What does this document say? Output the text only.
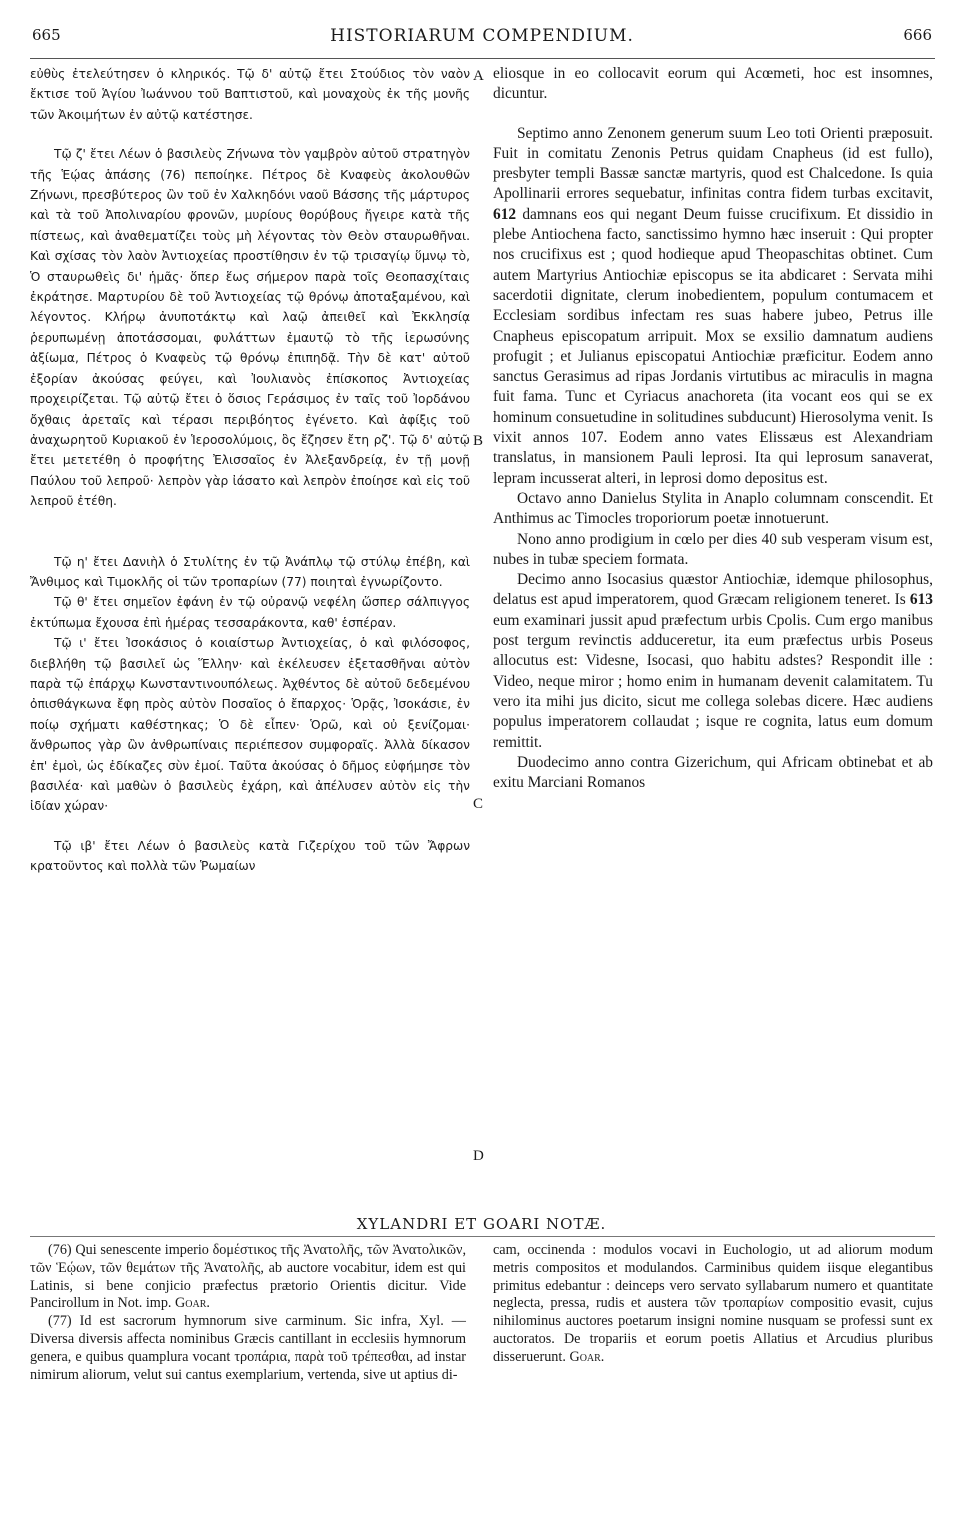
665	HISTORIARUM COMPENDIUM.	666

εὐθὺς ἐτελεύτησεν ὁ κληρικός. Τῷ δ' αὐτῷ ἔτει Στούδιος τὸν ναὸν ἔκτισε τοῦ Ἁγίου Ἰωάννου τοῦ Βαπτιστοῦ, καὶ μοναχοὺς ἐκ τῆς μονῆς τῶν Ἀκοιμήτων ἐν αὐτῷ κατέστησε.

Τῷ ζ' ἔτει Λέων ὁ βασιλεὺς Ζήνωνα τὸν γαμβρὸν αὐτοῦ στρατηγὸν τῆς Ἑῴας ἁπάσης (76) πεποίηκε. Πέτρος δὲ Κναφεὺς ἀκολουθῶν Ζήνωνι, πρεσβύτερος ὢν τοῦ ἐν Χαλκηδόνι ναοῦ Βάσσης τῆς μάρτυρος καὶ τὰ τοῦ Ἀπολιναρίου φρονῶν, μυρίους θορύβους ἤγειρε κατὰ τῆς πίστεως, καὶ ἀναθεματίζει τοὺς μὴ λέγοντας τὸν Θεὸν σταυρωθῆναι. Καὶ σχίσας τὸν λαὸν Ἀντιοχείας προστίθησιν ἐν τῷ τρισαγίῳ ὕμνῳ τὸ, Ὁ σταυρωθεὶς δι' ἡμᾶς· ὅπερ ἕως σήμερον παρὰ τοῖς Θεοπασχίταις ἐκράτησε. Μαρτυρίου δὲ τοῦ Ἀντιοχείας τῷ θρόνῳ ἀποταξαμένου, καὶ λέγοντος. Κλήρῳ ἀνυποτάκτῳ καὶ λαῷ ἀπειθεῖ καὶ Ἐκκλησίᾳ ῥερυπωμένῃ ἀποτάσσομαι, φυλάττων ἐμαυτῷ τὸ τῆς ἱερωσύνης ἀξίωμα, Πέτρος ὁ Κναφεὺς τῷ θρόνῳ ἐπιπηδᾷ. Τὴν δὲ κατ' αὐτοῦ ἐξορίαν ἀκούσας φεύγει, καὶ Ἰουλιανὸς ἐπίσκοπος Ἀντιοχείας προχειρίζεται. Τῷ αὐτῷ ἔτει ὁ ὅσιος Γεράσιμος ἐν ταῖς τοῦ Ἰορδάνου ὄχθαις ἀρεταῖς καὶ τέρασι περιβόητος ἐγένετο. Καὶ ἀφίξις τοῦ ἀναχωρητοῦ Κυριακοῦ ἐν Ἱεροσολύμοις, ὃς ἔζησεν ἔτη ρζ'. Τῷ δ' αὐτῷ ἔτει μετετέθη ὁ προφήτης Ἐλισσαῖος ἐν Ἀλεξανδρείᾳ, ἐν τῇ μονῇ Παύλου τοῦ λεπροῦ· λεπρὸν γὰρ ἰάσατο καὶ λεπρὸν ἐποίησε καὶ εἰς τοῦ λεπροῦ ἐτέθη.

Τῷ η' ἔτει Δανιὴλ ὁ Στυλίτης ἐν τῷ Ἀνάπλῳ τῷ στύλῳ ἐπέβη, καὶ Ἄνθιμος καὶ Τιμοκλῆς οἱ τῶν τροπαρίων (77) ποιηταὶ ἐγνωρίζοντο.

Τῷ θ' ἔτει σημεῖον ἐφάνη ἐν τῷ οὐρανῷ νεφέλη ὥσπερ σάλπιγγος ἐκτύπωμα ἔχουσα ἐπὶ ἡμέρας τεσσαράκοντα, καθ' ἑσπέραν.

Τῷ ι' ἔτει Ἰσοκάσιος ὁ κοιαίστωρ Ἀντιοχείας, ὁ καὶ φιλόσοφος, διεβλήθη τῷ βασιλεῖ ὡς Ἕλλην· καὶ ἐκέλευσεν ἐξετασθῆναι αὐτὸν παρὰ τῷ ἐπάρχῳ Κωνσταντινουπόλεως. Ἀχθέντος δὲ αὐτοῦ δεδεμένου ὀπισθάγκωνα ἔφη πρὸς αὐτὸν Ποσαῖος ὁ ἔπαρχος· Ὁρᾷς, Ἰσοκάσιε, ἐν ποίῳ σχήματι καθέστηκας; Ὁ δὲ εἶπεν· Ὁρῶ, καὶ οὐ ξενίζομαι· ἄνθρωπος γὰρ ὢν ἀνθρωπίναις περιέπεσον συμφοραῖς. Ἀλλὰ δίκασον ἐπ' ἐμοὶ, ὡς ἐδίκαζες σὺν ἐμοί. Ταῦτα ἀκούσας ὁ δῆμος εὐφήμησε τὸν βασιλέα· καὶ μαθὼν ὁ βασιλεὺς ἐχάρη, καὶ ἀπέλυσεν αὐτὸν εἰς τὴν ἰδίαν χώραν·

Τῷ ιβ' ἔτει Λέων ὁ βασιλεὺς κατὰ Γιζερίχου τοῦ τῶν Ἄφρων κρατοῦντος καὶ πολλὰ τῶν Ῥωμαίων

A
B
C
D

eliosque in eo collocavit eorum qui Acœmeti, hoc est insomnes, dicuntur.

Septimo anno Zenonem generum suum Leo toti Orienti præposuit. Fuit in comitatu Zenonis Petrus quidam Cnapheus (id est fullo), presbyter templi Bassæ sanctæ martyris, quod est Chalcedone. Is quia Apollinarii errores sequebatur, infinitas contra fidem turbas excitavit, 612 damnans eos qui negant Deum fuisse crucifixum. Et dissidio in plebe Antiochena facto, sanctissimo hymno hæc inseruit : Qui propter nos crucifixus est ; quod hodieque apud Theopaschitas obtinet. Cum autem Martyrius Antiochiæ episcopus se ita abdicaret : Servata mihi sacerdotii dignitate, clerum inobedientem, populum contumacem et Ecclesiam sordibus infectam res suas habere jubeo, Petrus ille Cnapheus episcopatum arripuit. Mox se exsilio damnatum audiens profugit ; et Julianus episcopatui Antiochiæ præficitur. Eodem anno sanctus Gerasimus ad ripas Jordanis virtutibus ac miraculis in magna fuit fama. Tunc et Cyriacus anachoreta (ita vocant eos qui se ex hominum consuetudine in solitudines subducunt) Hierosolyma venit. Is vixit annos 107. Eodem anno vates Elissæus est Alexandriam translatus, in mansionem Pauli leprosi. Ita qui leprosum sanaverat, lepram incusserat alteri, in leprosi domo depositus est.

Octavo anno Danielus Stylita in Anaplo columnam conscendit. Et Anthimus ac Timocles troporiorum poetæ innotuerunt.

Nono anno prodigium in cœlo per dies 40 sub vesperam visum est, nubes in tubæ speciem formata.

Decimo anno Isocasius quæstor Antiochiæ, idemque philosophus, delatus est apud imperatorem, quod Græcam religionem teneret. Is 613 eum examinari jussit apud præfectum urbis Cpolis. Cum ergo manibus post tergum revinctis adduceretur, ita eum præfectus urbis Poseus allocutus est: Videsne, Isocasi, quo habitu adstes? Respondit ille : Video, neque miror ; homo enim in humanam devenit calamitatem. Tu vero ita mihi jus dicito, sicut me collega solebas dicere. Hæc audiens populus imperatorem collaudat ; isque re cognita, latus eum domum remittit.

Duodecimo anno contra Gizerichum, qui Africam obtinebat et ab exitu Marciani Romanos

XYLANDRI ET GOARI NOTÆ.

(76) Qui senescente imperio δομέστικος τῆς Ἀνατολῆς, τῶν Ἀνατολικῶν, τῶν Ἑῴων, τῶν θεμάτων τῆς Ἀνατολῆς, ab auctore vocabitur, idem est qui Latinis, si bene conjicio præfectus prætorio Orientis dicitur. Vide Pancirollum in Not. imp. Goar.

(77) Id est sacrorum hymnorum sive carminum. Sic infra, Xyl. — Diversa diversis affecta nominibus Græcis cantillant in ecclesiis hymnorum genera, e quibus quamplura vocant τροπάρια, παρὰ τοῦ τρέπεσθαι, ad instar nimirum aliorum, velut sui cantus exemplarium, vertenda, sive ut aptius di-

cam, occinenda : modulos vocavi in Euchologio, ut ad aliorum modum metris compositos et modulandos. Carminibus quidem iisque elegantibus primitus edebantur : deinceps vero servato syllabarum numero et quantitate neglecta, pressa, rudis et austera τῶν τροπαρίων compositio evasit, cujus nihilominus auctores poetarum insigni nomine nusquam se professi sunt ex auctoratos. De tropariis et eorum poetis Allatius et Arcudius pluribus disseruerunt. Goar.
